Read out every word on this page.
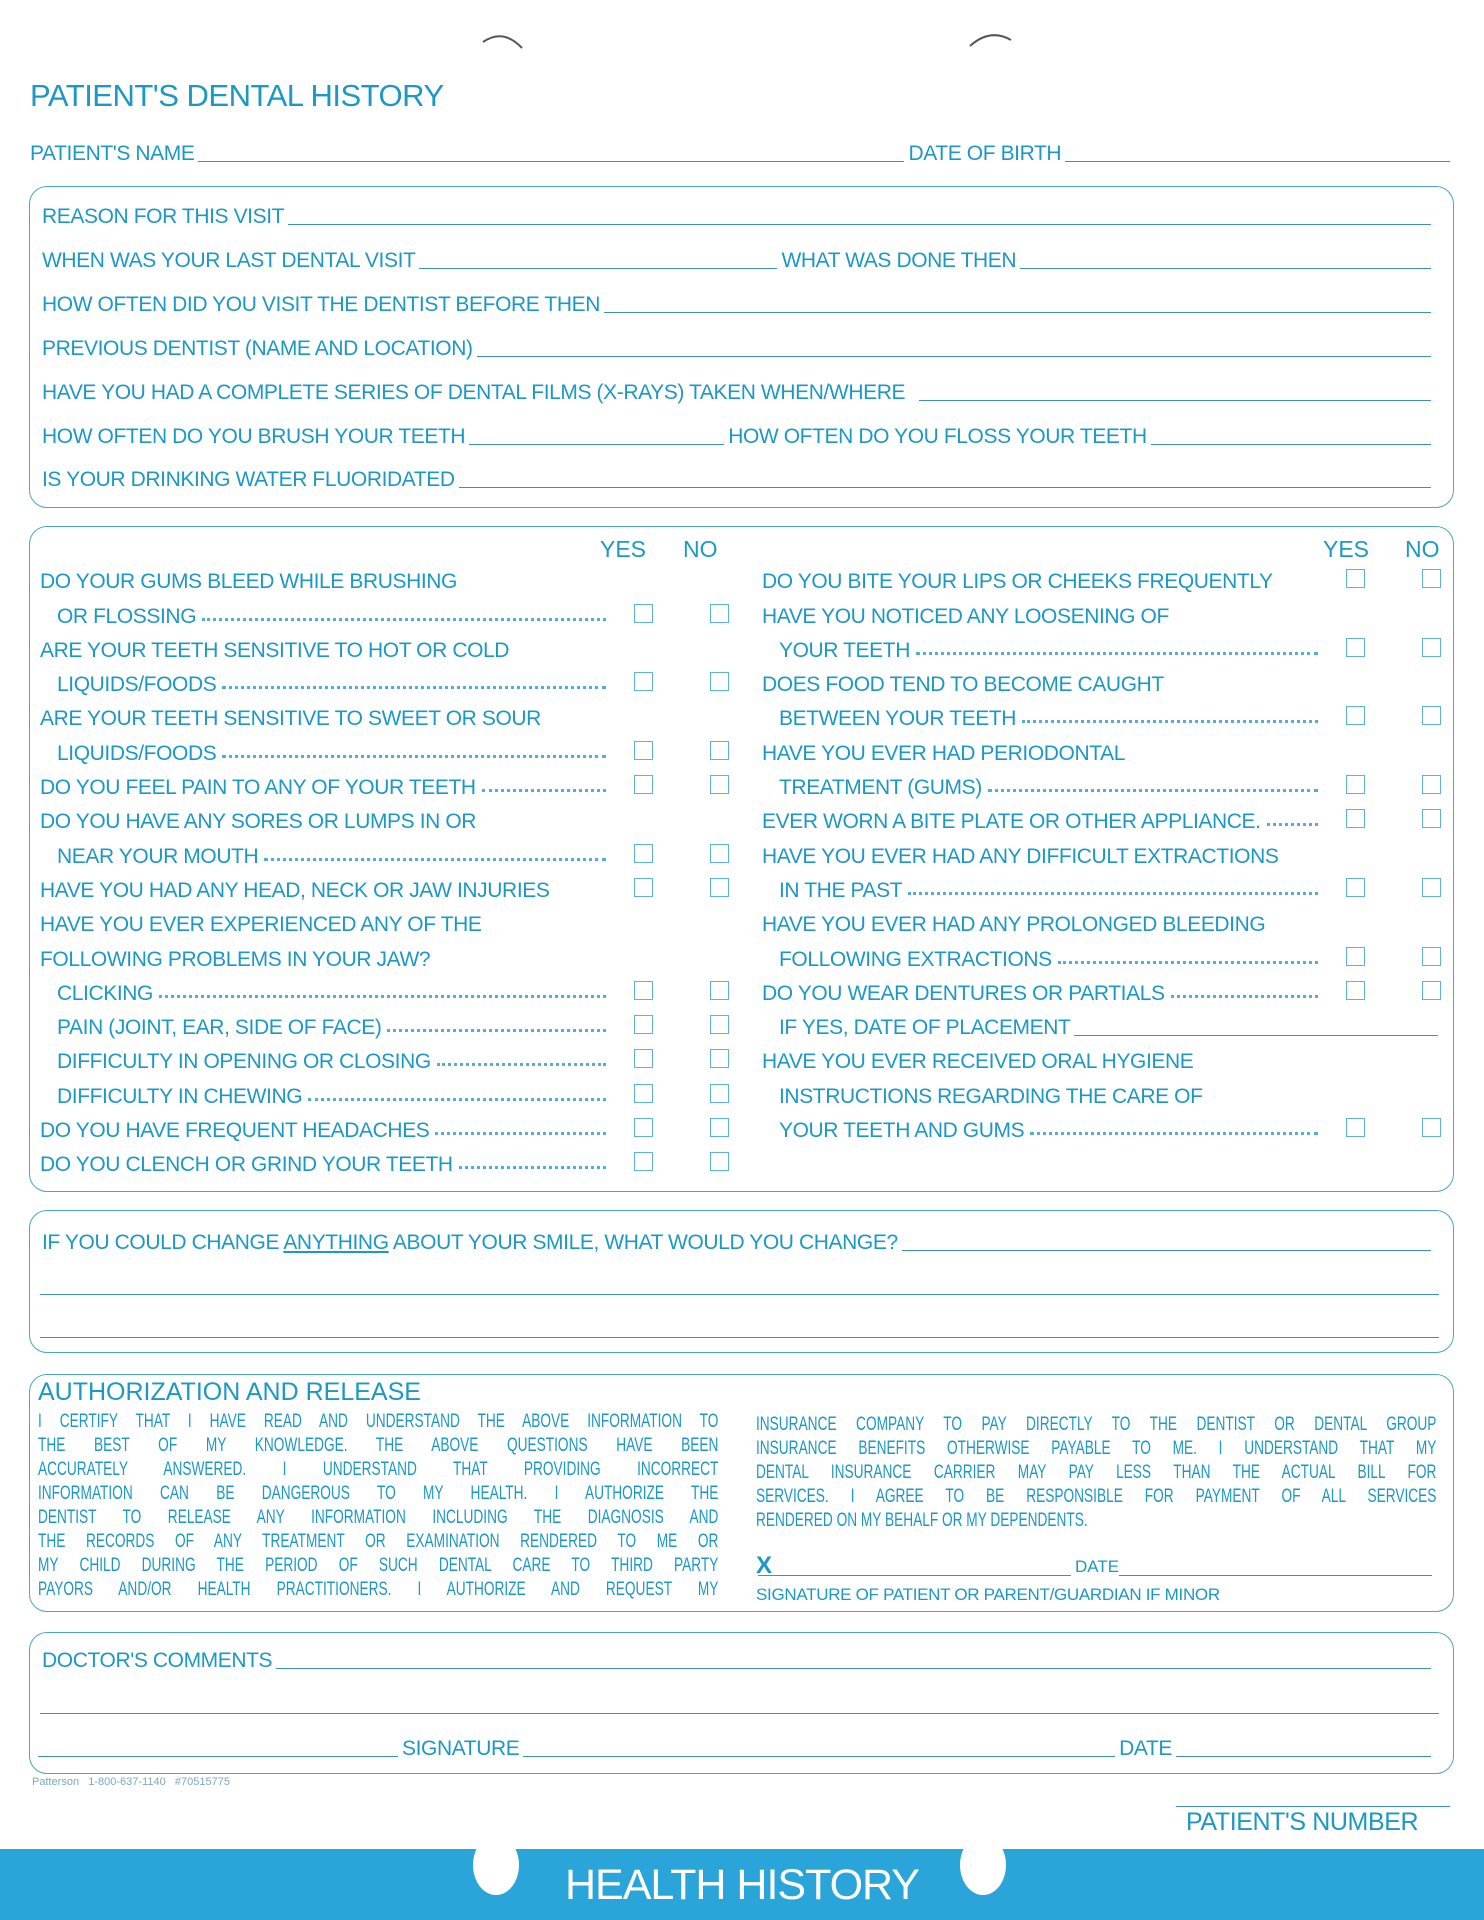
PATIENT'S DENTAL HISTORY
PATIENT'S NAME	DATE OF BIRTH
REASON FOR THIS VISIT
WHEN WAS YOUR LAST DENTAL VISIT	WHAT WAS DONE THEN
HOW OFTEN DID YOU VISIT THE DENTIST BEFORE THEN
PREVIOUS DENTIST (NAME AND LOCATION)
HAVE YOU HAD A COMPLETE SERIES OF DENTAL FILMS (X-RAYS) TAKEN WHEN/WHERE
HOW OFTEN DO YOU BRUSH YOUR TEETH	HOW OFTEN DO YOU FLOSS YOUR TEETH
IS YOUR DRINKING WATER FLUORIDATED
YES NO	YES NO
DO YOUR GUMS BLEED WHILE BRUSHING
OR FLOSSING
ARE YOUR TEETH SENSITIVE TO HOT OR COLD
LIQUIDS/FOODS
ARE YOUR TEETH SENSITIVE TO SWEET OR SOUR
LIQUIDS/FOODS
DO YOU FEEL PAIN TO ANY OF YOUR TEETH
DO YOU HAVE ANY SORES OR LUMPS IN OR
NEAR YOUR MOUTH
HAVE YOU HAD ANY HEAD, NECK OR JAW INJURIES
HAVE YOU EVER EXPERIENCED ANY OF THE
FOLLOWING PROBLEMS IN YOUR JAW?
CLICKING
PAIN (JOINT, EAR, SIDE OF FACE)
DIFFICULTY IN OPENING OR CLOSING
DIFFICULTY IN CHEWING
DO YOU HAVE FREQUENT HEADACHES
DO YOU CLENCH OR GRIND YOUR TEETH
DO YOU BITE YOUR LIPS OR CHEEKS FREQUENTLY
HAVE YOU NOTICED ANY LOOSENING OF
YOUR TEETH
DOES FOOD TEND TO BECOME CAUGHT
BETWEEN YOUR TEETH
HAVE YOU EVER HAD PERIODONTAL
TREATMENT (GUMS)
EVER WORN A BITE PLATE OR OTHER APPLIANCE.
HAVE YOU EVER HAD ANY DIFFICULT EXTRACTIONS
IN THE PAST
HAVE YOU EVER HAD ANY PROLONGED BLEEDING
FOLLOWING EXTRACTIONS
DO YOU WEAR DENTURES OR PARTIALS
IF YES, DATE OF PLACEMENT
HAVE YOU EVER RECEIVED ORAL HYGIENE
INSTRUCTIONS REGARDING THE CARE OF
YOUR TEETH AND GUMS
IF YOU COULD CHANGE ANYTHING ABOUT YOUR SMILE, WHAT WOULD YOU CHANGE?
AUTHORIZATION AND RELEASE
I CERTIFY THAT I HAVE READ AND UNDERSTAND THE ABOVE INFORMATION TO
THE BEST OF MY KNOWLEDGE. THE ABOVE QUESTIONS HAVE BEEN
ACCURATELY ANSWERED. I UNDERSTAND THAT PROVIDING INCORRECT
INFORMATION CAN BE DANGEROUS TO MY HEALTH. I AUTHORIZE THE
DENTIST TO RELEASE ANY INFORMATION INCLUDING THE DIAGNOSIS AND
THE RECORDS OF ANY TREATMENT OR EXAMINATION RENDERED TO ME OR
MY CHILD DURING THE PERIOD OF SUCH DENTAL CARE TO THIRD PARTY
PAYORS AND/OR HEALTH PRACTITIONERS. I AUTHORIZE AND REQUEST MY
INSURANCE COMPANY TO PAY DIRECTLY TO THE DENTIST OR DENTAL GROUP
INSURANCE BENEFITS OTHERWISE PAYABLE TO ME. I UNDERSTAND THAT MY
DENTAL INSURANCE CARRIER MAY PAY LESS THAN THE ACTUAL BILL FOR
SERVICES. I AGREE TO BE RESPONSIBLE FOR PAYMENT OF ALL SERVICES
RENDERED ON MY BEHALF OR MY DEPENDENTS.
X	DATE
SIGNATURE OF PATIENT OR PARENT/GUARDIAN IF MINOR
DOCTOR'S COMMENTS
SIGNATURE	DATE
Patterson   1-800-637-1140   #70515775
PATIENT'S NUMBER
HEALTH HISTORY
